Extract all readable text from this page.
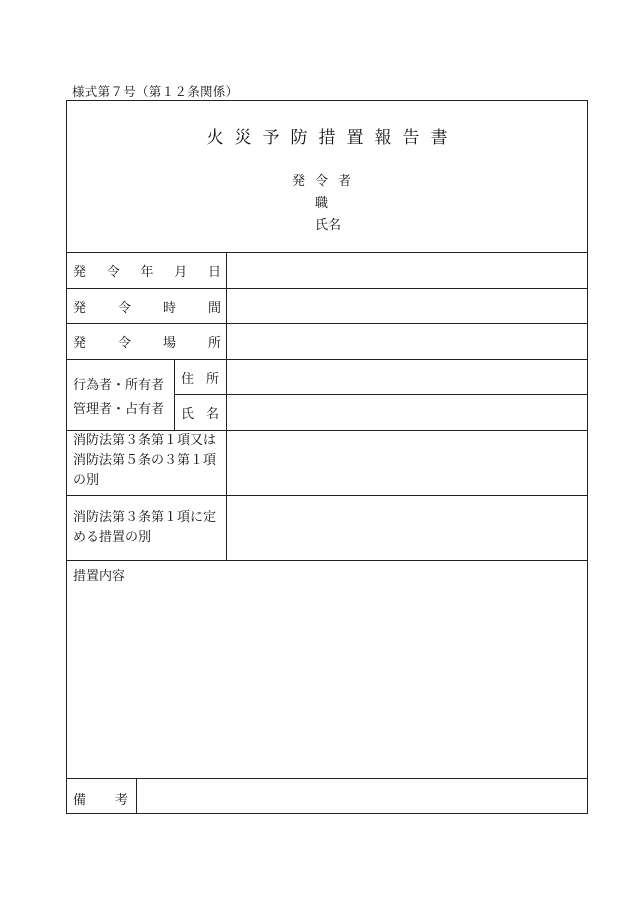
様式第７号（第１２条関係）
火災予防措置報告書
発令者
職
氏名
発 令 年 月 日
発 令 時 間
発 令 場 所
行為者・所有者
管理者・占有者
住所
氏名
消防法第３条第１項又は消防法第５条の３第１項の別
消防法第３条第１項に定める措置の別
措置内容
備考
